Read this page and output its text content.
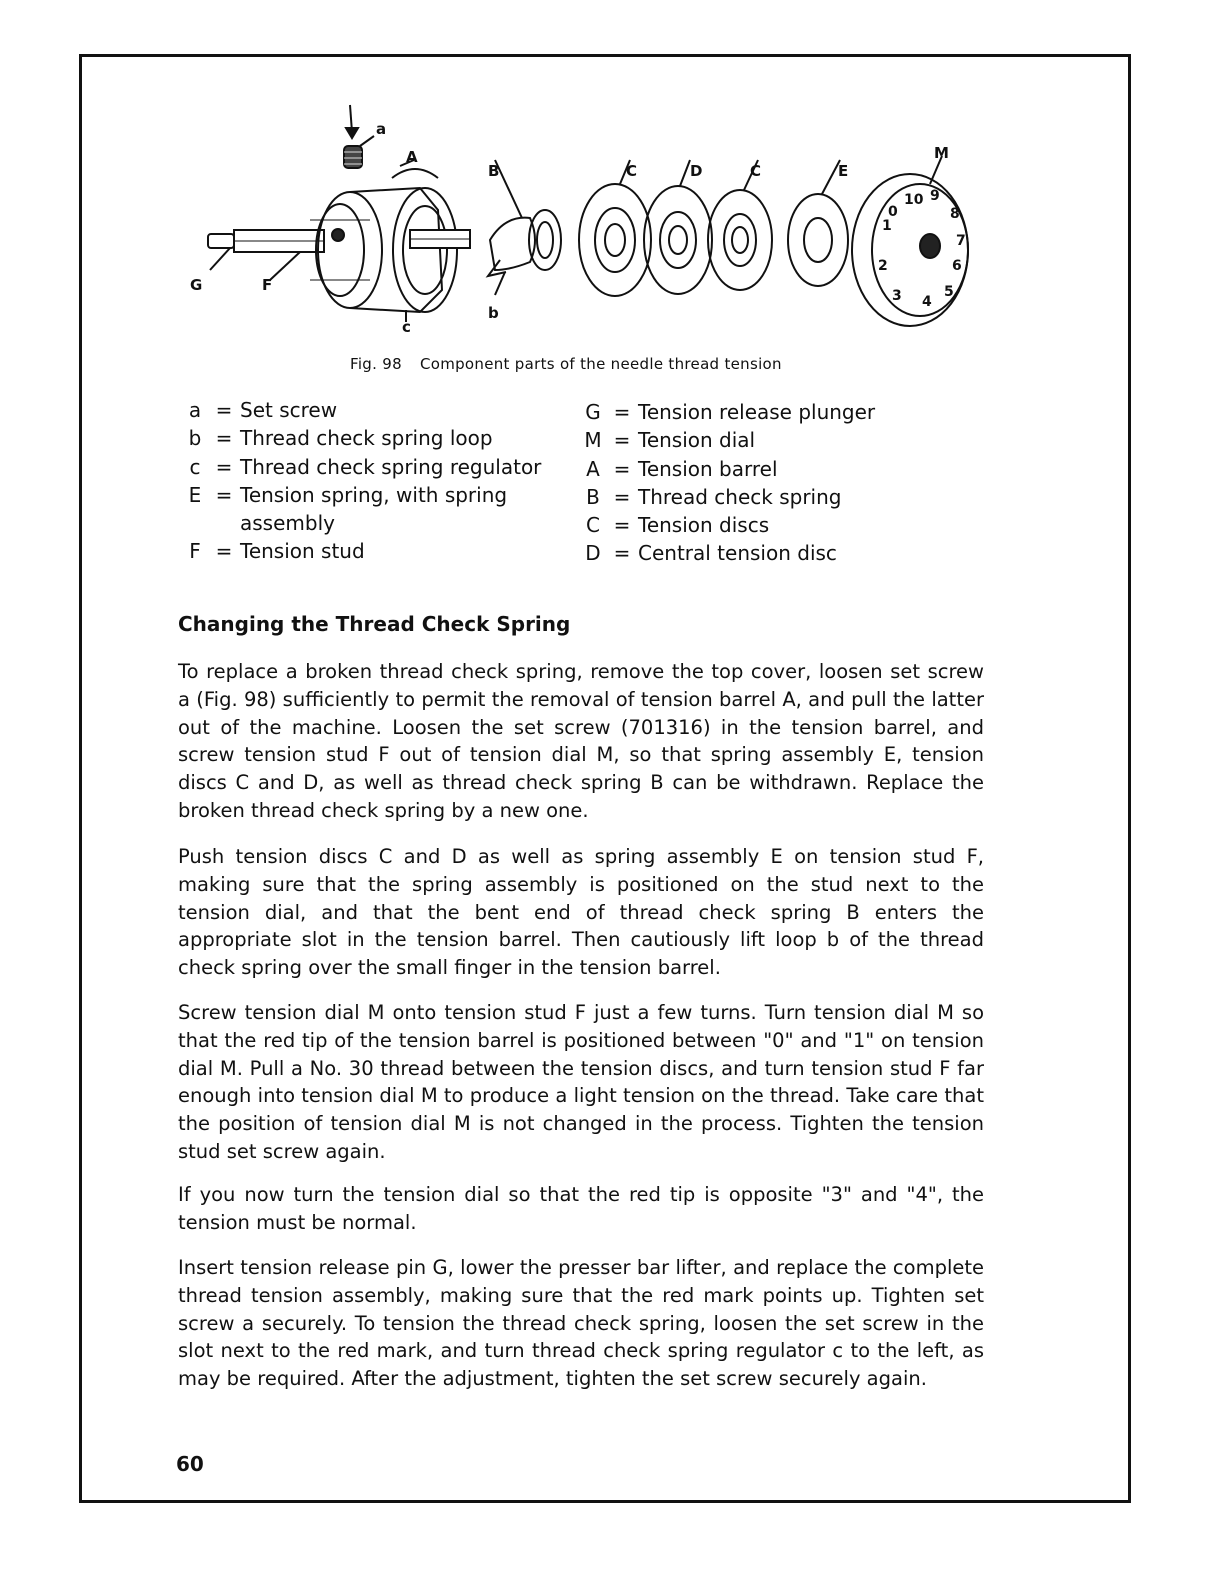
10 9
1
0
2
3 4
5
6
7
8
a
A
B	C	D	C	E
M
G	F
c
b
Fig. 98 Component parts of the needle thread tension
a = Set screw
b = Thread check spring loop
c = Thread check spring regulator
E = Tension spring, with spring
assembly
F = Tension stud
G = Tension release plunger
M = Tension dial
A = Tension barrel
B = Thread check spring
C = Tension discs
D = Central tension disc
Changing the Thread Check Spring

To replace a broken thread check spring, remove the top cover, loosen set screw a (Fig. 98) sufficiently to permit the removal of tension barrel A, and pull the latter out of the machine. Loosen the set screw (701316) in the tension barrel, and screw tension stud F out of tension dial M, so that spring assembly E, tension discs C and D, as well as thread check spring B can be withdrawn. Replace the broken thread check spring by a new one.

Push tension discs C and D as well as spring assembly E on tension stud F, making sure that the spring assembly is positioned on the stud next to the tension dial, and that the bent end of thread check spring B enters the appropriate slot in the tension barrel. Then cautiously lift loop b of the thread check spring over the small finger in the tension barrel.

Screw tension dial M onto tension stud F just a few turns. Turn tension dial M so that the red tip of the tension barrel is positioned between "0" and "1" on tension dial M. Pull a No. 30 thread between the tension discs, and turn tension stud F far enough into tension dial M to produce a light tension on the thread. Take care that the position of tension dial M is not changed in the process. Tighten the tension stud set screw again.

If you now turn the tension dial so that the red tip is opposite "3" and "4", the tension must be normal.

Insert tension release pin G, lower the presser bar lifter, and replace the complete thread tension assembly, making sure that the red mark points up. Tighten set screw a securely. To tension the thread check spring, loosen the set screw in the slot next to the red mark, and turn thread check spring regulator c to the left, as may be required. After the adjustment, tighten the set screw securely again.

60
